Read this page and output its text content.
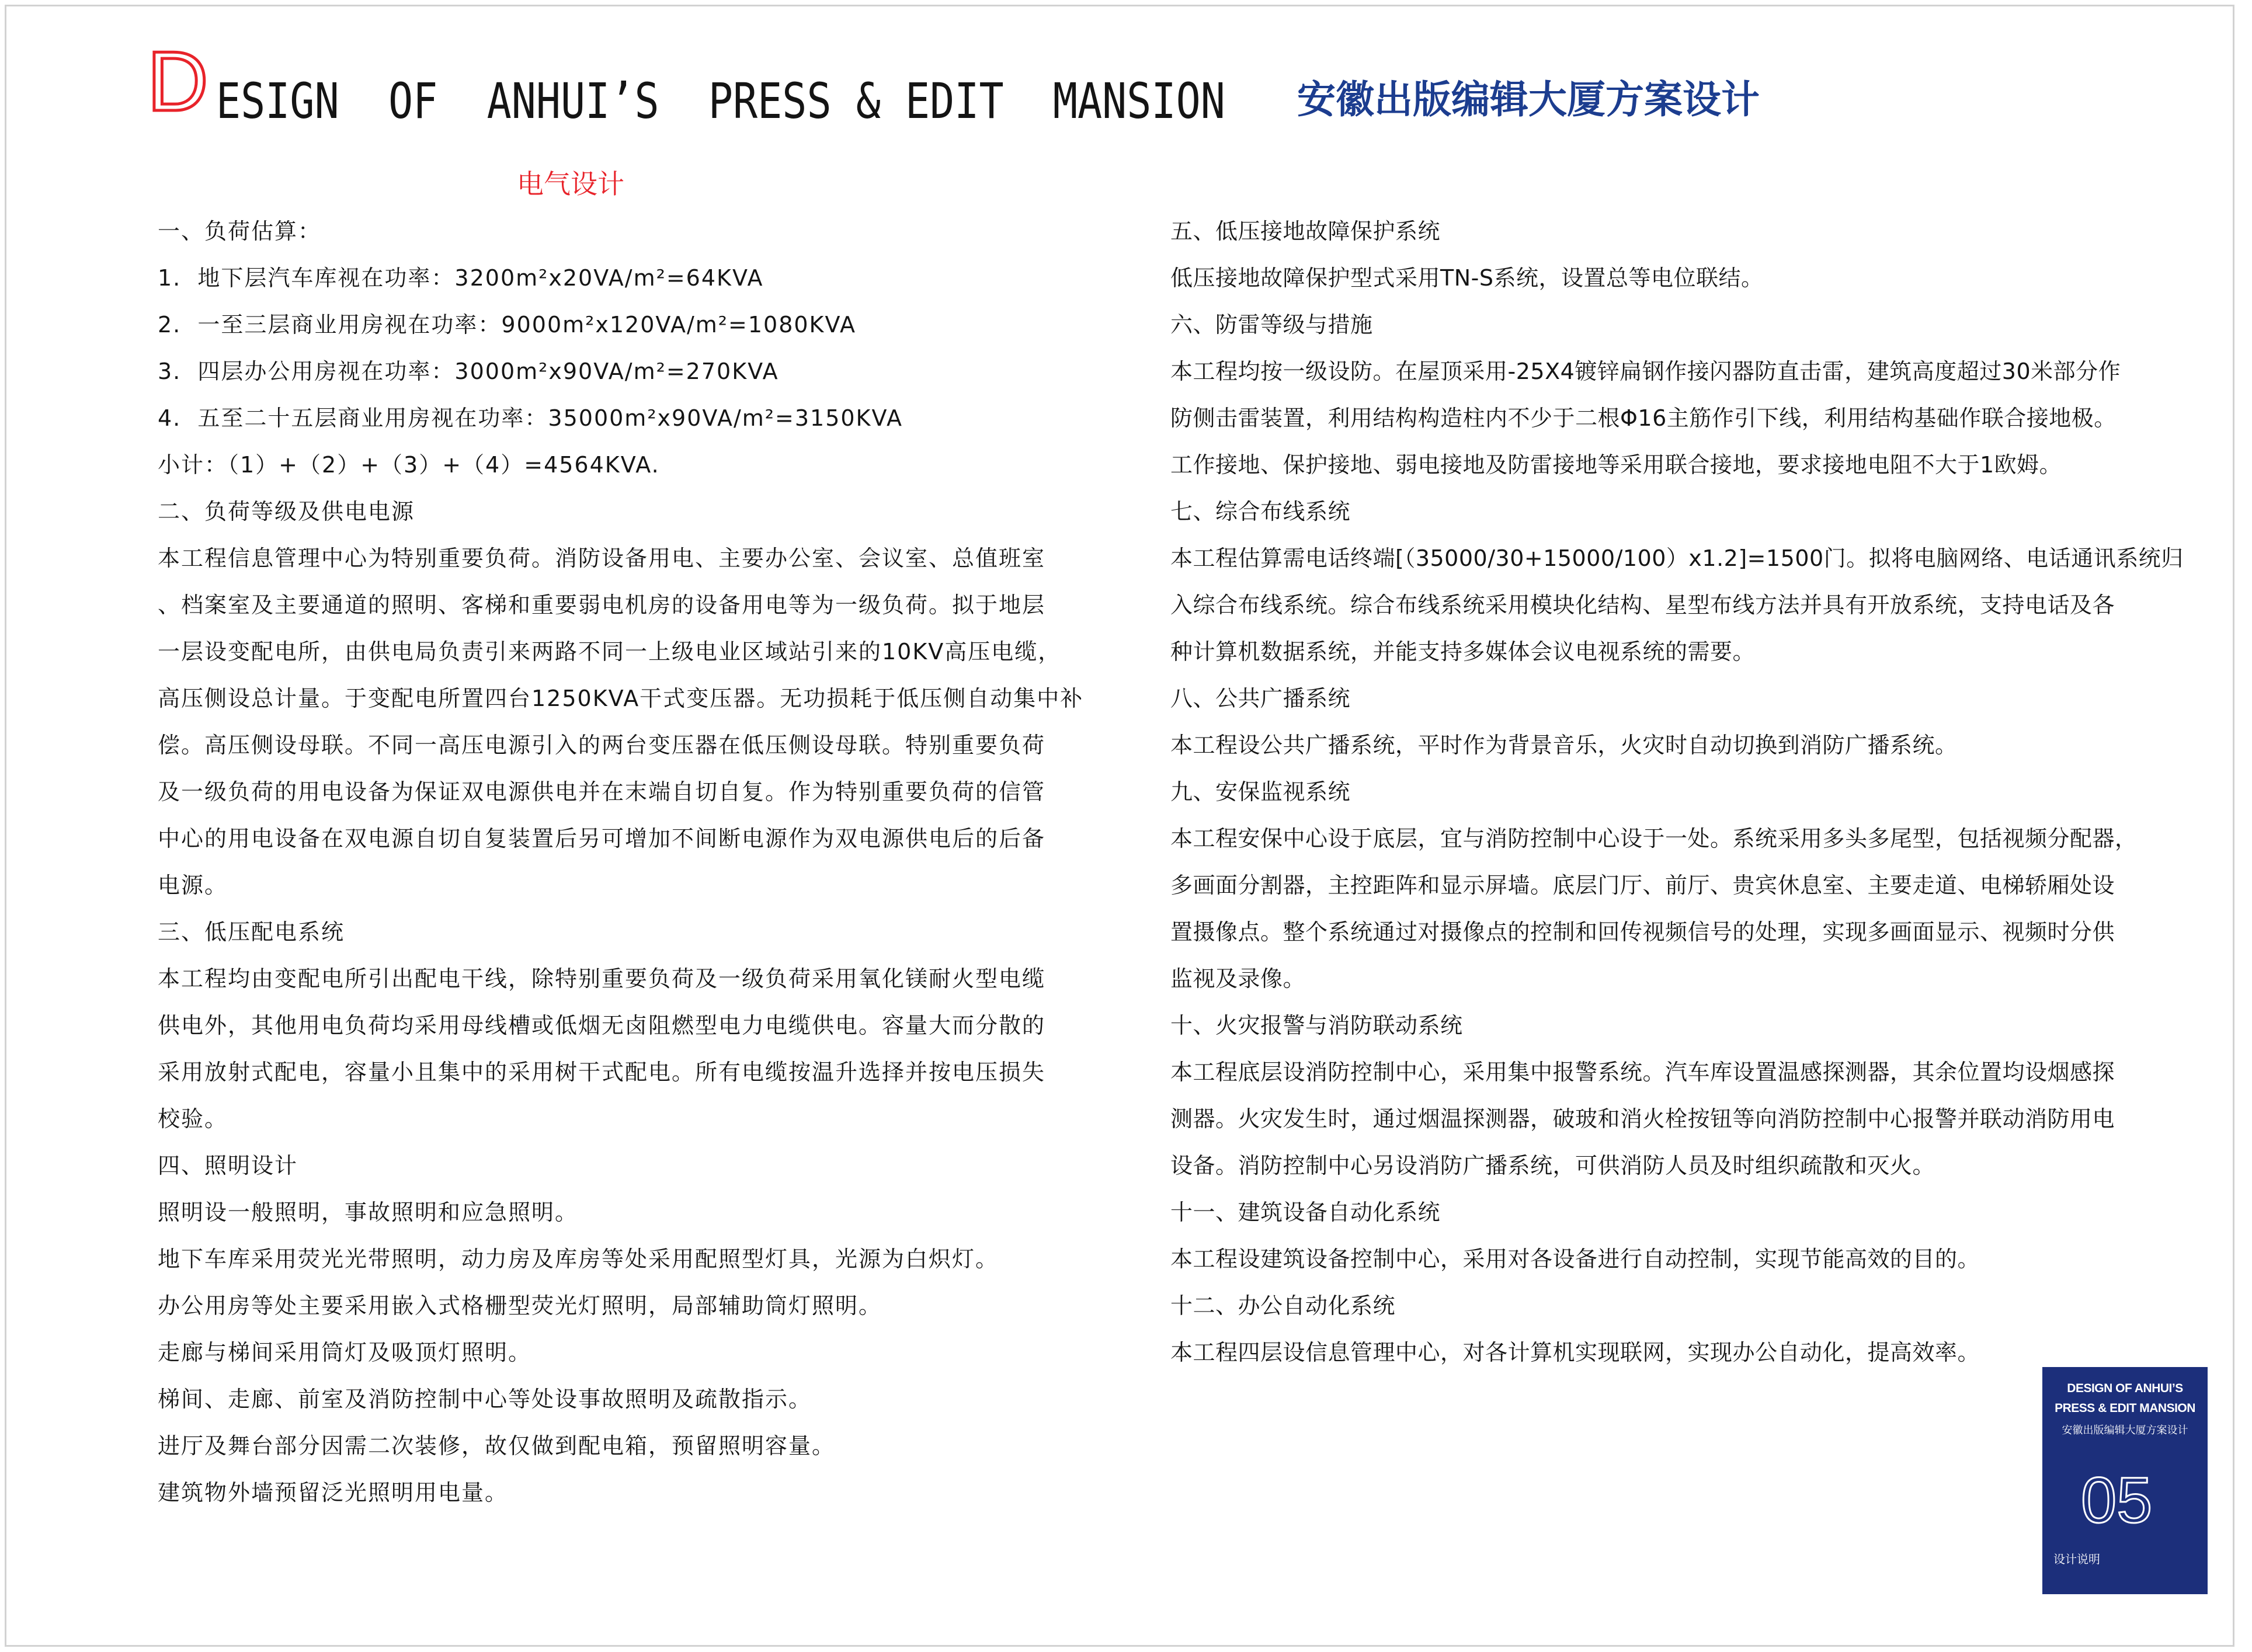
D ESIGN  OF  ANHUI’S  PRESS & EDIT  MANSION 安徽出版编辑大厦方案设计
电气设计
一、负荷估算：
1.  地下层汽车库视在功率：3200m²x20VA/m²=64KVA
2.  一至三层商业用房视在功率：9000m²x120VA/m²=1080KVA
3.  四层办公用房视在功率：3000m²x90VA/m²=270KVA
4.  五至二十五层商业用房视在功率：35000m²x90VA/m²=3150KVA
小计：（1）+（2）+（3）+（4）=4564KVA.
二、负荷等级及供电电源
本工程信息管理中心为特别重要负荷。消防设备用电、主要办公室、会议室、总值班室
、档案室及主要通道的照明、客梯和重要弱电机房的设备用电等为一级负荷。拟于地层
一层设变配电所，由供电局负责引来两路不同一上级电业区域站引来的10KV高压电缆，
高压侧设总计量。于变配电所置四台1250KVA干式变压器。无功损耗于低压侧自动集中补
偿。高压侧设母联。不同一高压电源引入的两台变压器在低压侧设母联。特别重要负荷
及一级负荷的用电设备为保证双电源供电并在末端自切自复。作为特别重要负荷的信管
中心的用电设备在双电源自切自复装置后另可增加不间断电源作为双电源供电后的后备
电源。
三、低压配电系统
本工程均由变配电所引出配电干线，除特别重要负荷及一级负荷采用氧化镁耐火型电缆
供电外，其他用电负荷均采用母线槽或低烟无卤阻燃型电力电缆供电。容量大而分散的
采用放射式配电，容量小且集中的采用树干式配电。所有电缆按温升选择并按电压损失
校验。
四、照明设计
照明设一般照明，事故照明和应急照明。
地下车库采用荧光光带照明，动力房及库房等处采用配照型灯具，光源为白炽灯。
办公用房等处主要采用嵌入式格栅型荧光灯照明，局部辅助筒灯照明。
走廊与梯间采用筒灯及吸顶灯照明。
梯间、走廊、前室及消防控制中心等处设事故照明及疏散指示。
进厅及舞台部分因需二次装修，故仅做到配电箱，预留照明容量。
建筑物外墙预留泛光照明用电量。
五、低压接地故障保护系统
低压接地故障保护型式采用TN-S系统，设置总等电位联结。
六、防雷等级与措施
本工程均按一级设防。在屋顶采用-25X4镀锌扁钢作接闪器防直击雷，建筑高度超过30米部分作
防侧击雷装置，利用结构构造柱内不少于二根Φ16主筋作引下线，利用结构基础作联合接地极。
工作接地、保护接地、弱电接地及防雷接地等采用联合接地，要求接地电阻不大于1欧姆。
七、综合布线系统
本工程估算需电话终端[（35000/30+15000/100）x1.2]=1500门。拟将电脑网络、电话通讯系统归
入综合布线系统。综合布线系统采用模块化结构、星型布线方法并具有开放系统，支持电话及各
种计算机数据系统，并能支持多媒体会议电视系统的需要。
八、公共广播系统
本工程设公共广播系统，平时作为背景音乐，火灾时自动切换到消防广播系统。
九、安保监视系统
本工程安保中心设于底层，宜与消防控制中心设于一处。系统采用多头多尾型，包括视频分配器，
多画面分割器，主控距阵和显示屏墙。底层门厅、前厅、贵宾休息室、主要走道、电梯轿厢处设
置摄像点。整个系统通过对摄像点的控制和回传视频信号的处理，实现多画面显示、视频时分供
监视及录像。
十、火灾报警与消防联动系统
本工程底层设消防控制中心，采用集中报警系统。汽车库设置温感探测器，其余位置均设烟感探
测器。火灾发生时，通过烟温探测器，破玻和消火栓按钮等向消防控制中心报警并联动消防用电
设备。消防控制中心另设消防广播系统，可供消防人员及时组织疏散和灭火。
十一、建筑设备自动化系统
本工程设建筑设备控制中心，采用对各设备进行自动控制，实现节能高效的目的。
十二、办公自动化系统
本工程四层设信息管理中心，对各计算机实现联网，实现办公自动化，提高效率。
DESIGN OF ANHUI’S
PRESS & EDIT MANSION
安徽出版编辑大厦方案设计
05
设计说明
